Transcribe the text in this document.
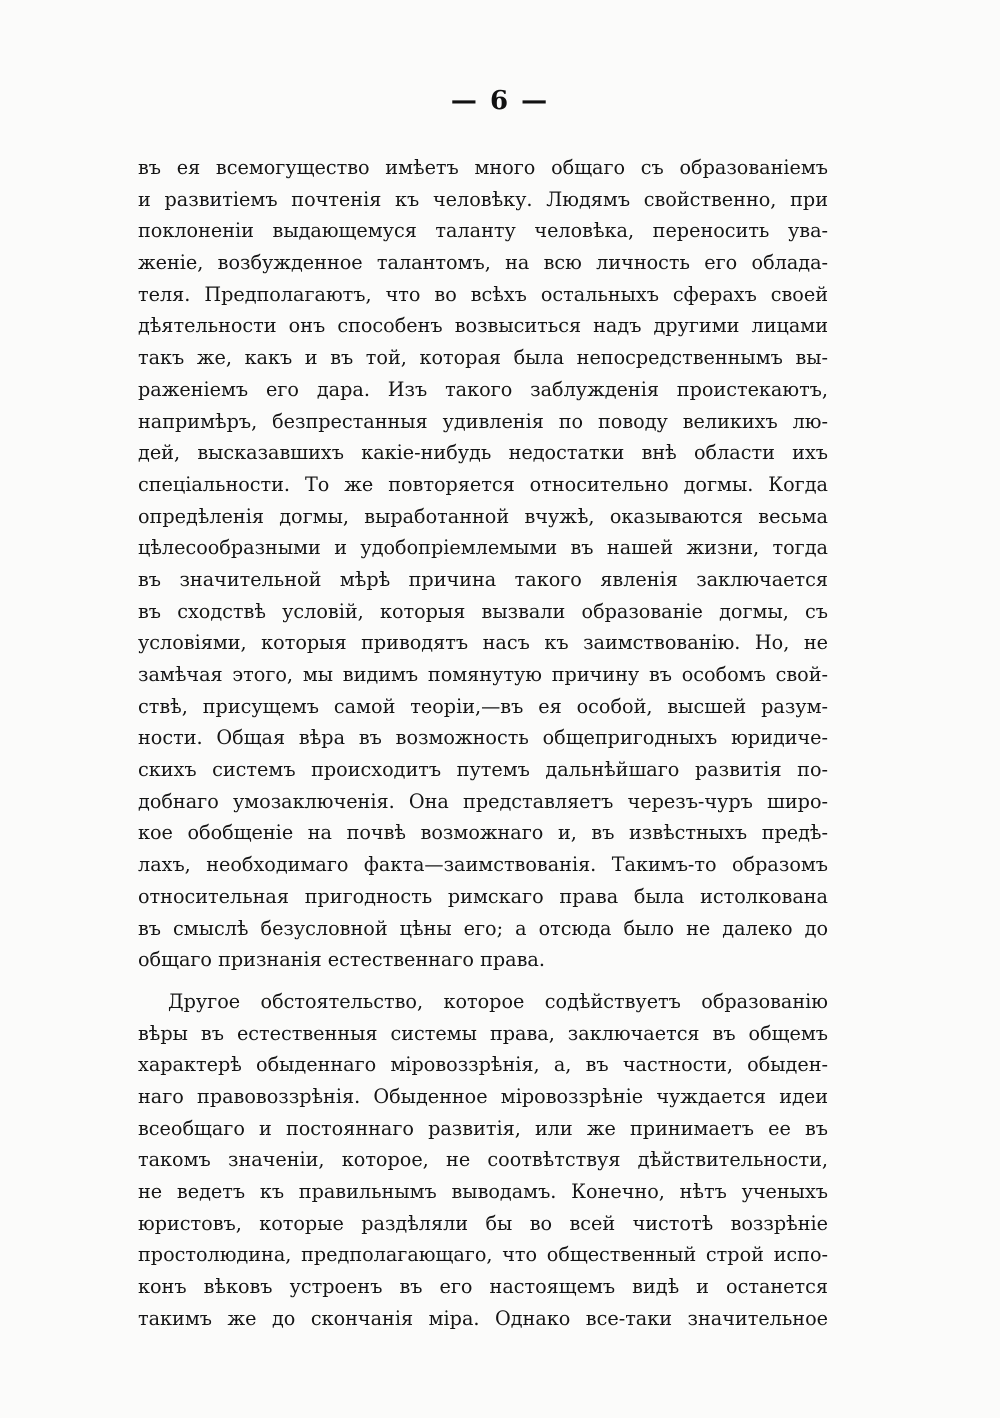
— 6 —
въ ея всемогущество имѣетъ много общаго съ образованіемъ
и развитіемъ почтенія къ человѣку. Людямъ свойственно, при
поклоненіи выдающемуся таланту человѣка, переносить ува-
женіе, возбужденное талантомъ, на всю личность его облада-
теля. Предполагаютъ, что во всѣхъ остальныхъ сферахъ своей
дѣятельности онъ способенъ возвыситься надъ другими лицами
такъ же, какъ и въ той, которая была непосредственнымъ вы-
раженіемъ его дара. Изъ такого заблужденія проистекаютъ,
напримѣръ, безпрестанныя удивленія по поводу великихъ лю-
дей, высказавшихъ какіе-нибудь недостатки внѣ области ихъ
спеціальности. То же повторяется относительно догмы. Когда
опредѣленія догмы, выработанной вчужѣ, оказываются весьма
цѣлесообразными и удобопріемлемыми въ нашей жизни, тогда
въ значительной мѣрѣ причина такого явленія заключается
въ сходствѣ условій, которыя вызвали образованіе догмы, съ
условіями, которыя приводятъ насъ къ заимствованію. Но, не
замѣчая этого, мы видимъ помянутую причину въ особомъ свой-
ствѣ, присущемъ самой теоріи,—въ ея особой, высшей разум-
ности. Общая вѣра въ возможность общепригодныхъ юридиче-
скихъ системъ происходитъ путемъ дальнѣйшаго развитія по-
добнаго умозаключенія. Она представляетъ черезъ-чуръ широ-
кое обобщеніе на почвѣ возможнаго и, въ извѣстныхъ предѣ-
лахъ, необходимаго факта—заимствованія. Такимъ-то образомъ
относительная пригодность римскаго права была истолкована
въ смыслѣ безусловной цѣны его; а отсюда было не далеко до
общаго признанія естественнаго права.
Другое обстоятельство, которое содѣйствуетъ образованію
вѣры въ естественныя системы права, заключается въ общемъ
характерѣ обыденнаго міровоззрѣнія, а, въ частности, обыден-
наго правовоззрѣнія. Обыденное міровоззрѣніе чуждается идеи
всеобщаго и постояннаго развитія, или же принимаетъ ее въ
такомъ значеніи, которое, не соотвѣтствуя дѣйствительности,
не ведетъ къ правильнымъ выводамъ. Конечно, нѣтъ ученыхъ
юристовъ, которые раздѣляли бы во всей чистотѣ воззрѣніе
простолюдина, предполагающаго, что общественный строй испо-
конъ вѣковъ устроенъ въ его настоящемъ видѣ и останется
такимъ же до скончанія міра. Однако все-таки значительное
